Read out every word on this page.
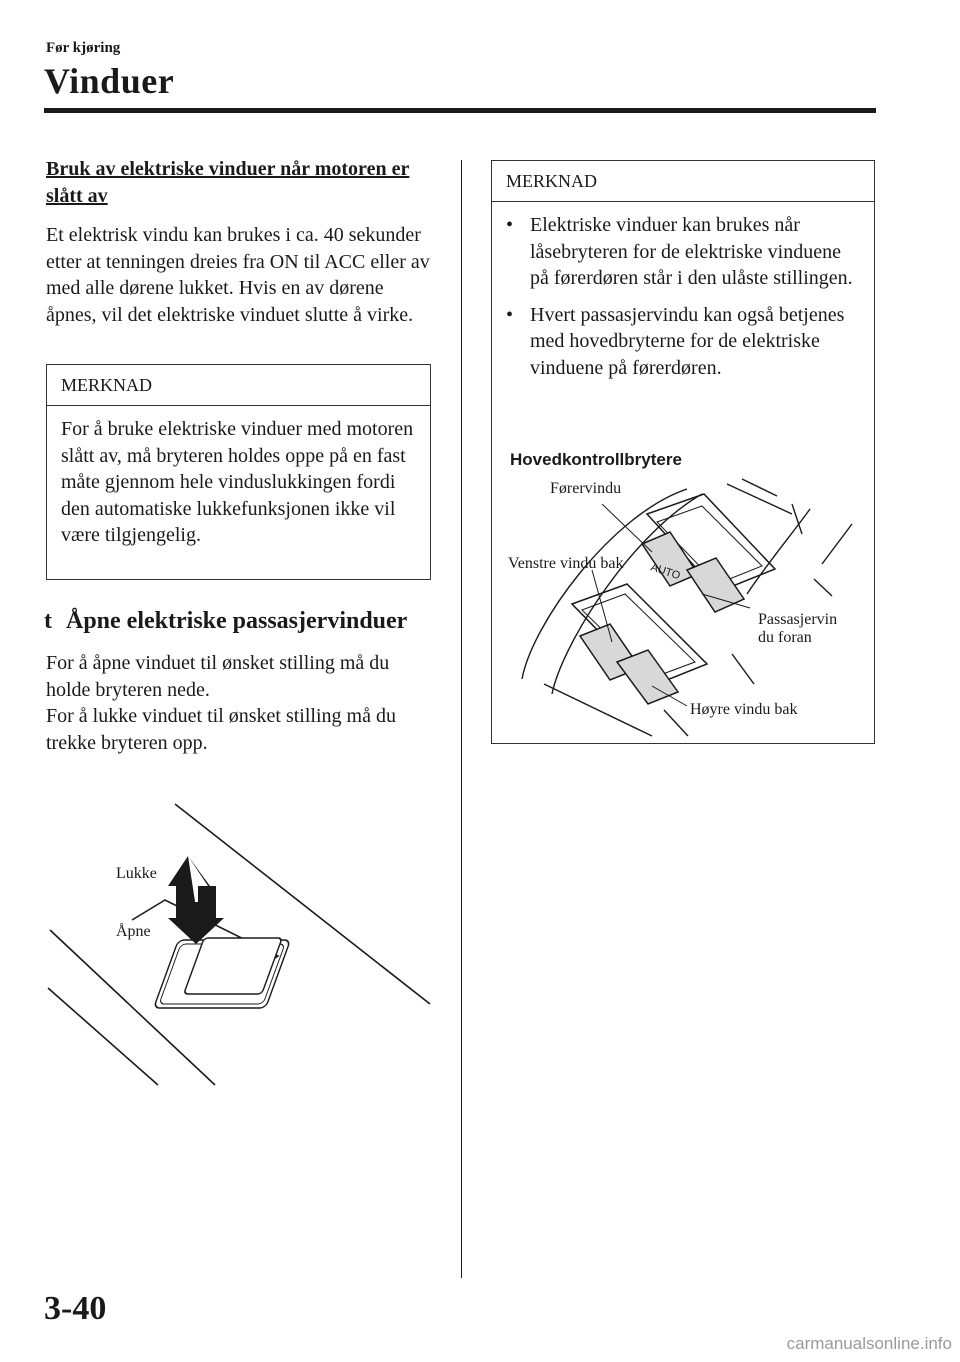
Før kjøring
Vinduer
Bruk av elektriske vinduer når motoren er slått av
Et elektrisk vindu kan brukes i ca. 40 sekunder etter at tenningen dreies fra ON til ACC eller av med alle dørene lukket. Hvis en av dørene åpnes, vil det elektriske vinduet slutte å virke.
MERKNAD
For å bruke elektriske vinduer med motoren slått av, må bryteren holdes oppe på en fast måte gjennom hele vinduslukkingen fordi den automatiske lukkefunksjonen ikke vil være tilgjengelig.
t Åpne elektriske passasjervinduer
For å åpne vinduet til ønsket stilling må du holde bryteren nede.
For å lukke vinduet til ønsket stilling må du trekke bryteren opp.
Lukke
Åpne
MERKNAD
• Elektriske vinduer kan brukes når låsebryteren for de elektriske vinduene på førerdøren står i den ulåste stillingen.
• Hvert passasjervindu kan også betjenes med hovedbryterne for de elektriske vinduene på førerdøren.
Hovedkontrollbrytere
AUTO
Førervindu
Venstre vindu bak
Passasjervin
du foran
Høyre vindu bak
3-40
carmanualsonline.info
